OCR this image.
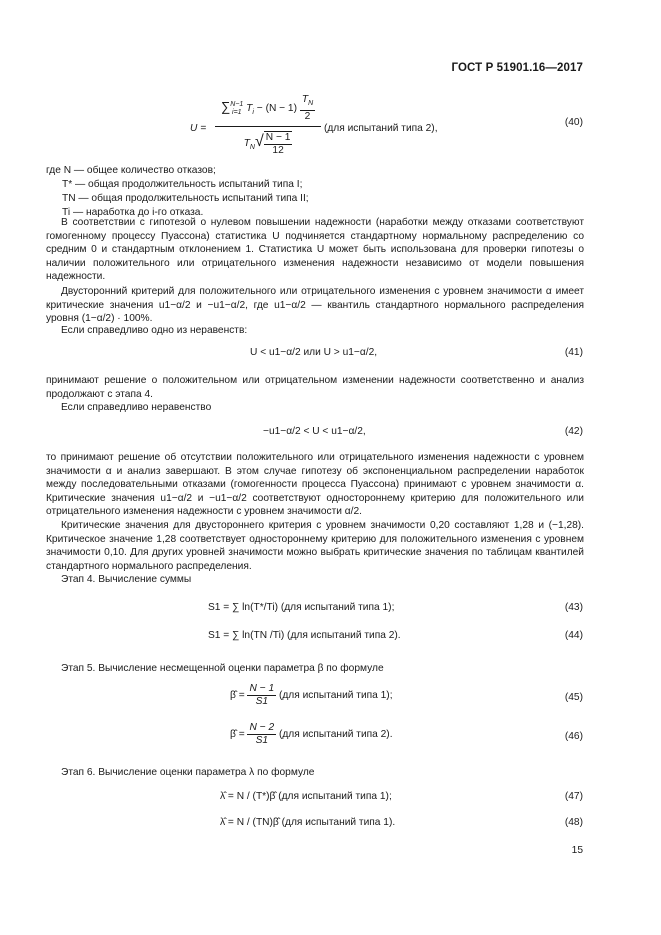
ГОСТ Р 51901.16—2017
U = ∑ N−1
i=1 $T_i - (N - 1) \frac{T_N}{2}$
$T_N√ \frac{N - 1}{12} (для$ испытаний типа 2),
(40)
где N — общее количество отказов;
T* — общая продолжительность испытаний типа I;
TN — общая продолжительность испытаний типа II;
Ti — наработка до i-го отказа.
В соответствии с гипотезой о нулевом повышении надежности (наработки между отказами соответствуют гомогенному процессу Пуассона) статистика U подчиняется стандартному нормальному распределению со средним 0 и стандартным отклонением 1. Статистика U может быть использована для проверки гипотезы о наличии положительного или отрицательного изменения надежности независимо от модели повышения надежности.
Двусторонний критерий для положительного или отрицательного изменения с уровнем значимости α имеет критические значения u1−α/2 и −u1−α/2, где u1−α/2 — квантиль стандартного нормального распределения уровня (1−α/2) · 100%.
Если справедливо одно из неравенств:
U < u1−α/2 или U > u1−α/2,	(41)
принимают решение о положительном или отрицательном изменении надежности соответственно и анализ продолжают с этапа 4.
Если справедливо неравенство
−u1−α/2 < U < u1−α/2,	(42)
то принимают решение об отсутствии положительного или отрицательного изменения надежности с уровнем значимости α и анализ завершают. В этом случае гипотезу об экспоненциальном распределении наработок между последовательными отказами (гомогенности процесса Пуассона) принимают с уровнем значимости α. Критические значения u1−α/2 и −u1−α/2 соответствуют одностороннему критерию для положительного или отрицательного изменения надежности с уровнем значимости α/2.
Критические значения для двустороннего критерия с уровнем значимости 0,20 составляют 1,28 и (−1,28). Критическое значение 1,28 соответствует одностороннему критерию для положительного изменения с уровнем значимости 0,10. Для других уровней значимости можно выбрать критические значения по таблицам квантилей стандартного нормального распределения.
Этап 4. Вычисление суммы
S1 = ∑ ln(T*/Ti) (для испытаний типа 1);	(43)
S1 = ∑ ln(TN /Ti) (для испытаний типа 2).	(44)
Этап 5. Вычисление несмещенной оценки параметра β по формуле
β̂ = $\frac{N - 1}{S1} (для$ испытаний типа 1);	(45)
β̂ = $\frac{N - 2}{S1} (для$ испытаний типа 2).	(46)
Этап 6. Вычисление оценки параметра λ по формуле
λ̂ = N / (T*)β̂ (для испытаний типа 1);	(47)
λ̂ = N / (TN)β̂ (для испытаний типа 1).	(48)
15
